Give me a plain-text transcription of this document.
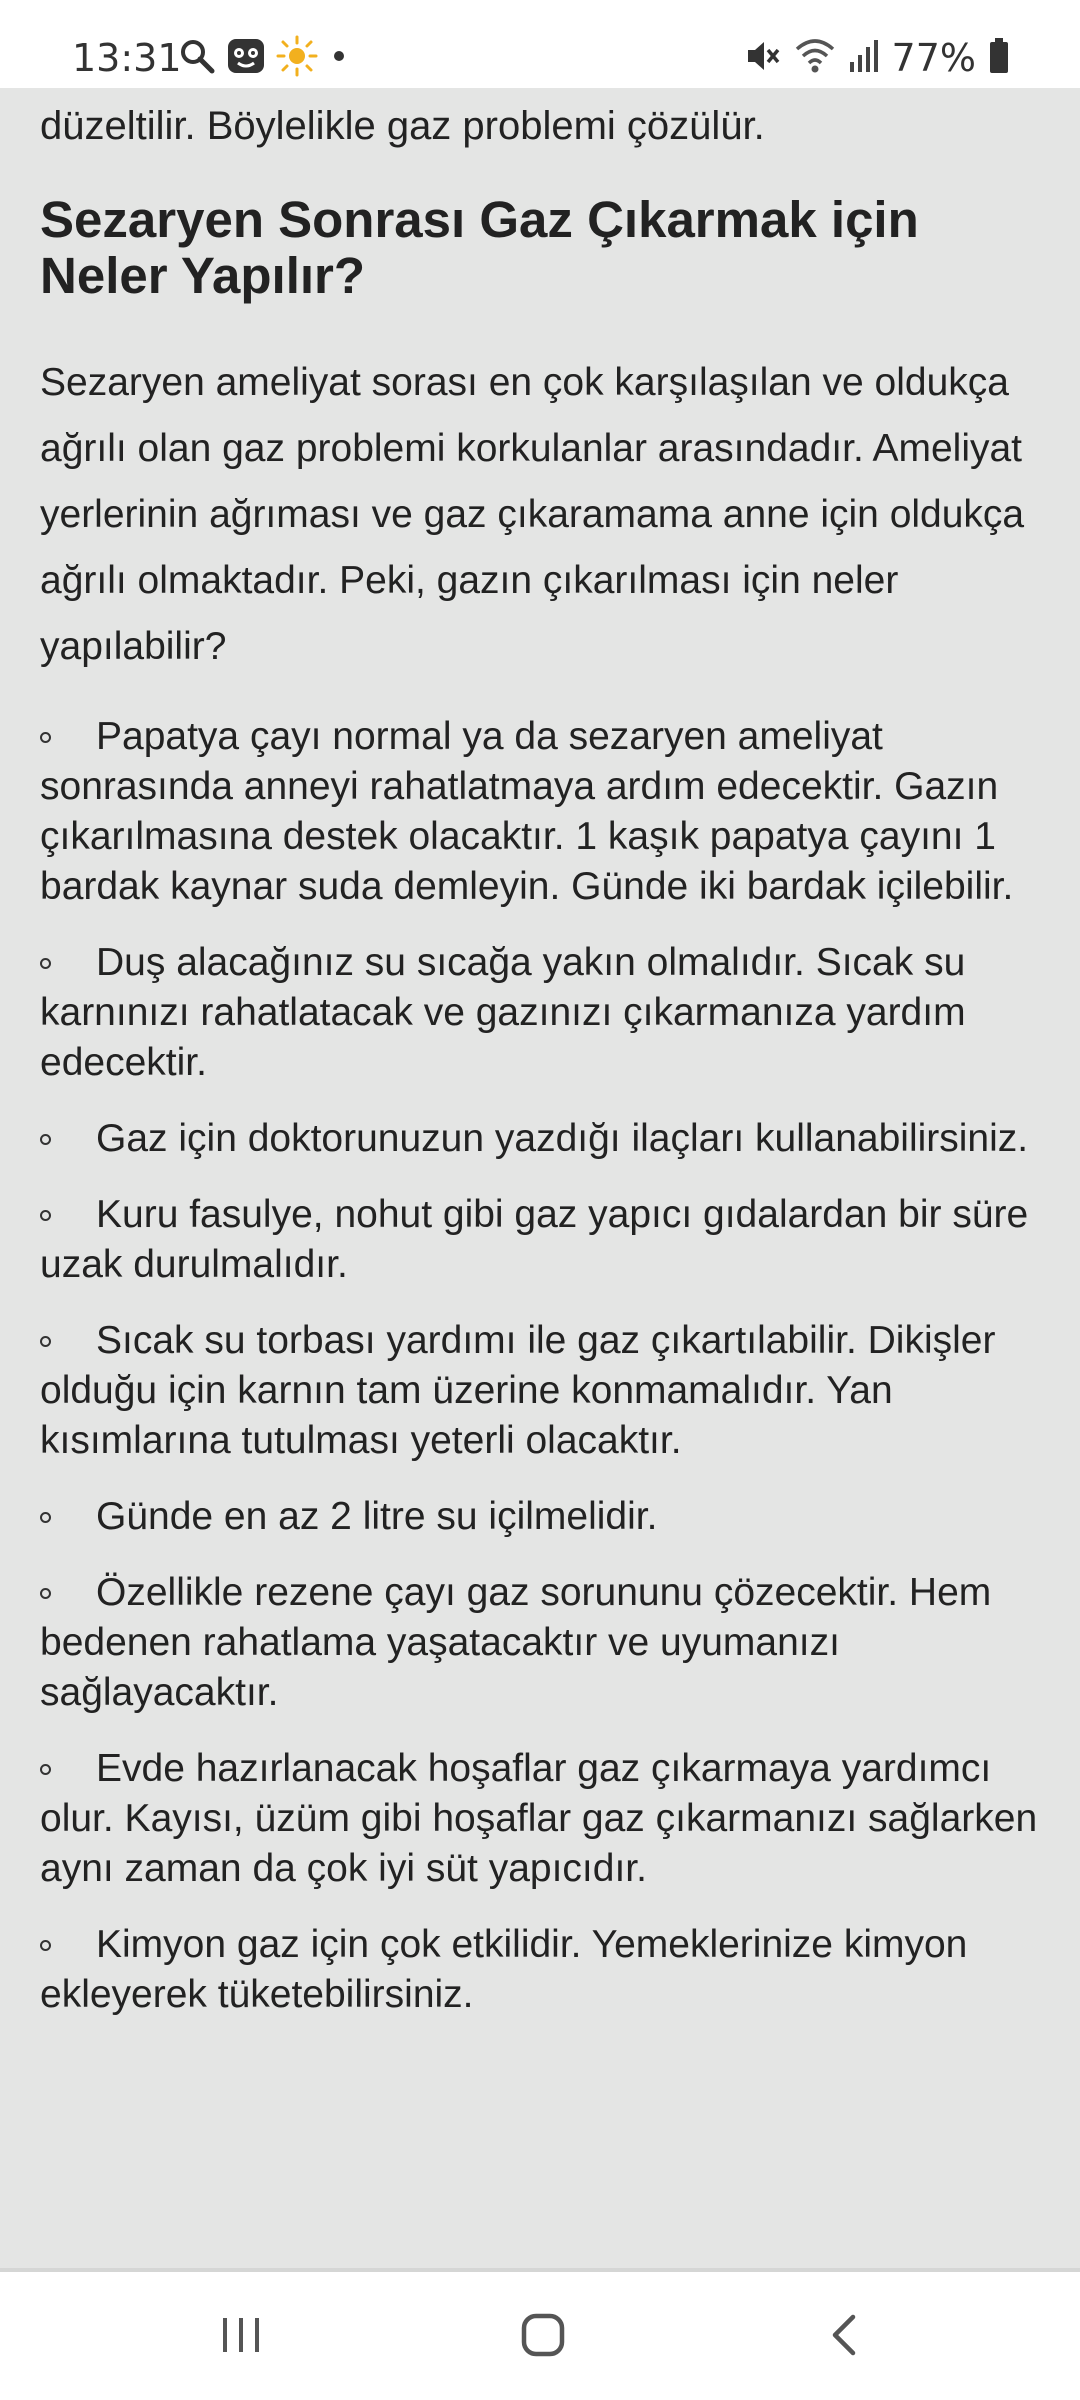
13:31	77%
düzeltilir. Böylelikle gaz problemi çözülür.
Sezaryen Sonrası Gaz Çıkarmak için Neler Yapılır?

Sezaryen ameliyat sorası en çok karşılaşılan ve oldukça ağrılı olan gaz problemi korkulanlar arasındadır. Ameliyat yerlerinin ağrıması ve gaz çıkaramama anne için oldukça ağrılı olmaktadır. Peki, gazın çıkarılması için neler yapılabilir?

Papatya çayı normal ya da sezaryen ameliyat sonrasında anneyi rahatlatmaya ardım edecektir. Gazın çıkarılmasına destek olacaktır. 1 kaşık papatya çayını 1 bardak kaynar suda demleyin. Günde iki bardak içilebilir.
Duş alacağınız su sıcağa yakın olmalıdır. Sıcak su karnınızı rahatlatacak ve gazınızı çıkarmanıza yardım edecektir.
Gaz için doktorunuzun yazdığı ilaçları kullanabilirsiniz.
Kuru fasulye, nohut gibi gaz yapıcı gıdalardan bir süre uzak durulmalıdır.
Sıcak su torbası yardımı ile gaz çıkartılabilir. Dikişler olduğu için karnın tam üzerine konmamalıdır. Yan kısımlarına tutulması yeterli olacaktır.
Günde en az 2 litre su içilmelidir.
Özellikle rezene çayı gaz sorununu çözecektir. Hem bedenen rahatlama yaşatacaktır ve uyumanızı sağlayacaktır.
Evde hazırlanacak hoşaflar gaz çıkarmaya yardımcı olur. Kayısı, üzüm gibi hoşaflar gaz çıkarmanızı sağlarken aynı zaman da çok iyi süt yapıcıdır.
Kimyon gaz için çok etkilidir. Yemeklerinize kimyon ekleyerek tüketebilirsiniz.
